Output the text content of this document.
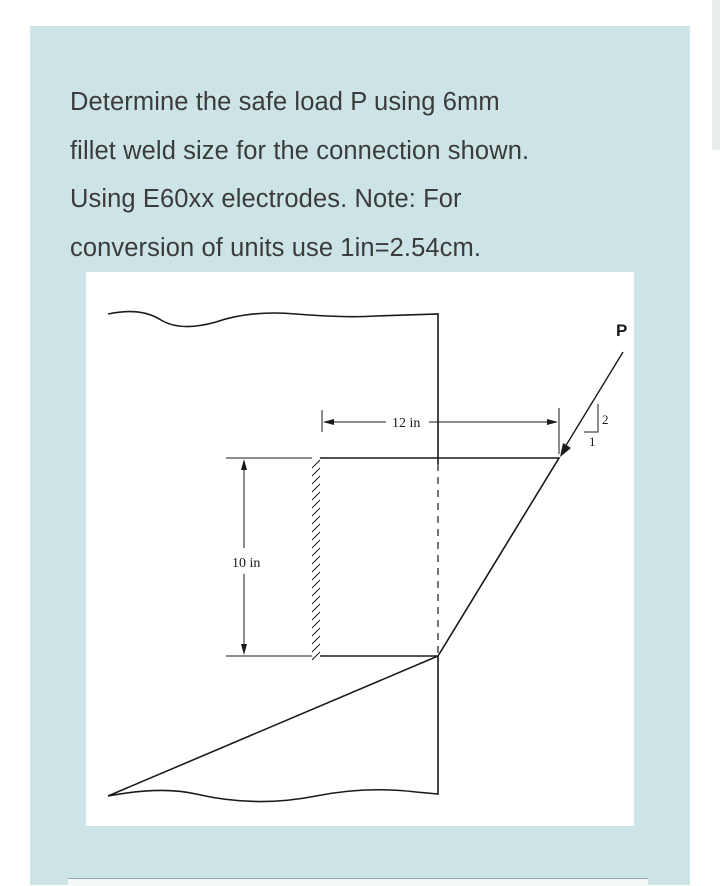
Determine the safe load P using 6mm
fillet weld size for the connection shown.
Using E60xx electrodes. Note: For
conversion of units use 1in=2.54cm.

10 in
12 in
P
2
1
